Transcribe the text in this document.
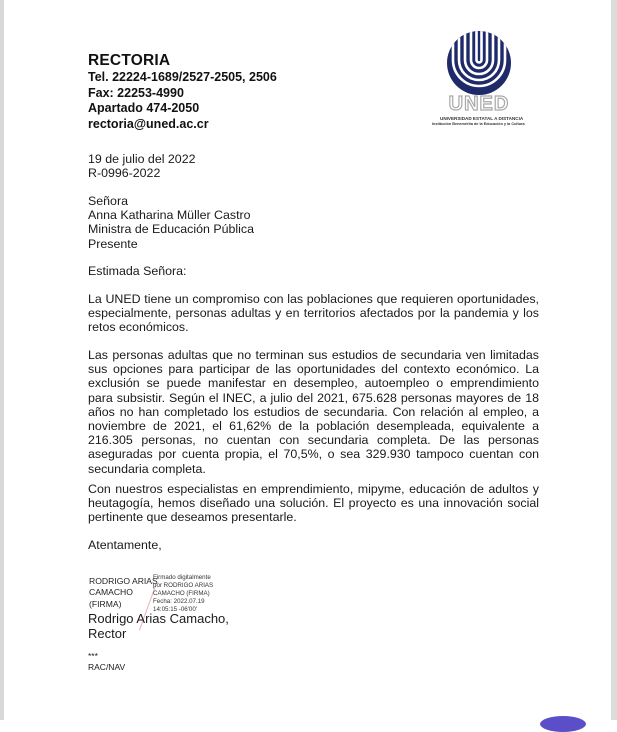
RECTORIA
Tel. 22224-1689/2527-2505, 2506
Fax: 22253-4990
Apartado 474-2050
rectoria@uned.ac.cr
UNED
UNIVERSIDAD ESTATAL A DISTANCIA
Institución Benemérita de la Educación y la Cultura
19 de julio del 2022
R-0996-2022
Señora
Anna Katharina Müller Castro
Ministra de Educación Pública
Presente
Estimada Señora:
La UNED tiene un compromiso con las poblaciones que requieren oportunidades, especialmente, personas adultas y en territorios afectados por la pandemia y los retos económicos.
Las personas adultas que no terminan sus estudios de secundaria ven limitadas sus opciones para participar de las oportunidades del contexto económico. La exclusión se puede manifestar en desempleo, autoempleo o emprendimiento para subsistir. Según el INEC, a julio del 2021, 675.628 personas mayores de 18 años no han completado los estudios de secundaria. Con relación al empleo, a noviembre de 2021, el 61,62% de la población desempleada, equivalente a 216.305 personas, no cuentan con secundaria completa. De las personas aseguradas por cuenta propia, el 70,5%, o sea 329.930 tampoco cuentan con secundaria completa.
Con nuestros especialistas en emprendimiento, mipyme, educación de adultos y heutagogía, hemos diseñado una solución. El proyecto es una innovación social pertinente que deseamos presentarle.
Atentamente,
RODRIGO ARIAS
CAMACHO
(FIRMA)
Firmado digitalmente
por RODRIGO ARIAS
CAMACHO (FIRMA)
Fecha: 2022.07.19
14:05:15 -06'00'
Rodrigo Arias Camacho,
Rector
***
RAC/NAV
